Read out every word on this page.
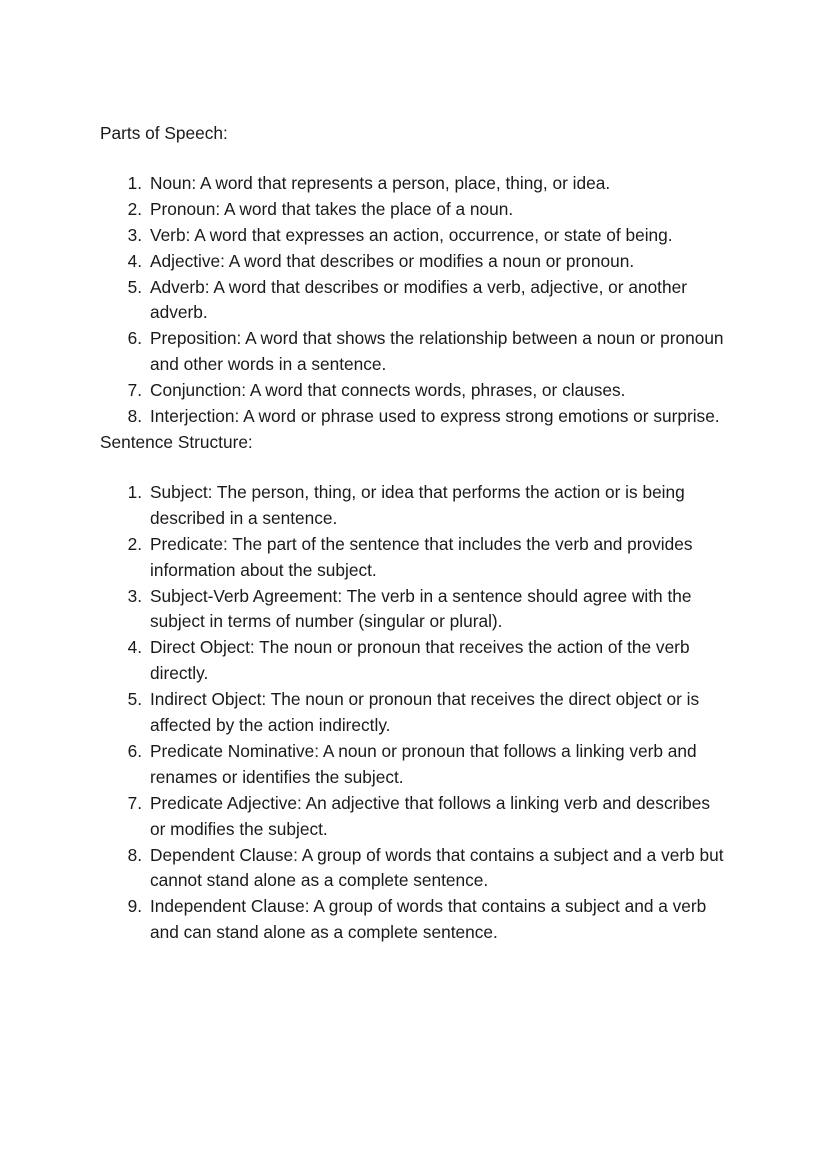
Parts of Speech:
1. Noun: A word that represents a person, place, thing, or idea.
2. Pronoun: A word that takes the place of a noun.
3. Verb: A word that expresses an action, occurrence, or state of being.
4. Adjective: A word that describes or modifies a noun or pronoun.
5. Adverb: A word that describes or modifies a verb, adjective, or another adverb.
6. Preposition: A word that shows the relationship between a noun or pronoun and other words in a sentence.
7. Conjunction: A word that connects words, phrases, or clauses.
8. Interjection: A word or phrase used to express strong emotions or surprise.
Sentence Structure:
1. Subject: The person, thing, or idea that performs the action or is being described in a sentence.
2. Predicate: The part of the sentence that includes the verb and provides information about the subject.
3. Subject-Verb Agreement: The verb in a sentence should agree with the subject in terms of number (singular or plural).
4. Direct Object: The noun or pronoun that receives the action of the verb directly.
5. Indirect Object: The noun or pronoun that receives the direct object or is affected by the action indirectly.
6. Predicate Nominative: A noun or pronoun that follows a linking verb and renames or identifies the subject.
7. Predicate Adjective: An adjective that follows a linking verb and describes or modifies the subject.
8. Dependent Clause: A group of words that contains a subject and a verb but cannot stand alone as a complete sentence.
9. Independent Clause: A group of words that contains a subject and a verb and can stand alone as a complete sentence.
